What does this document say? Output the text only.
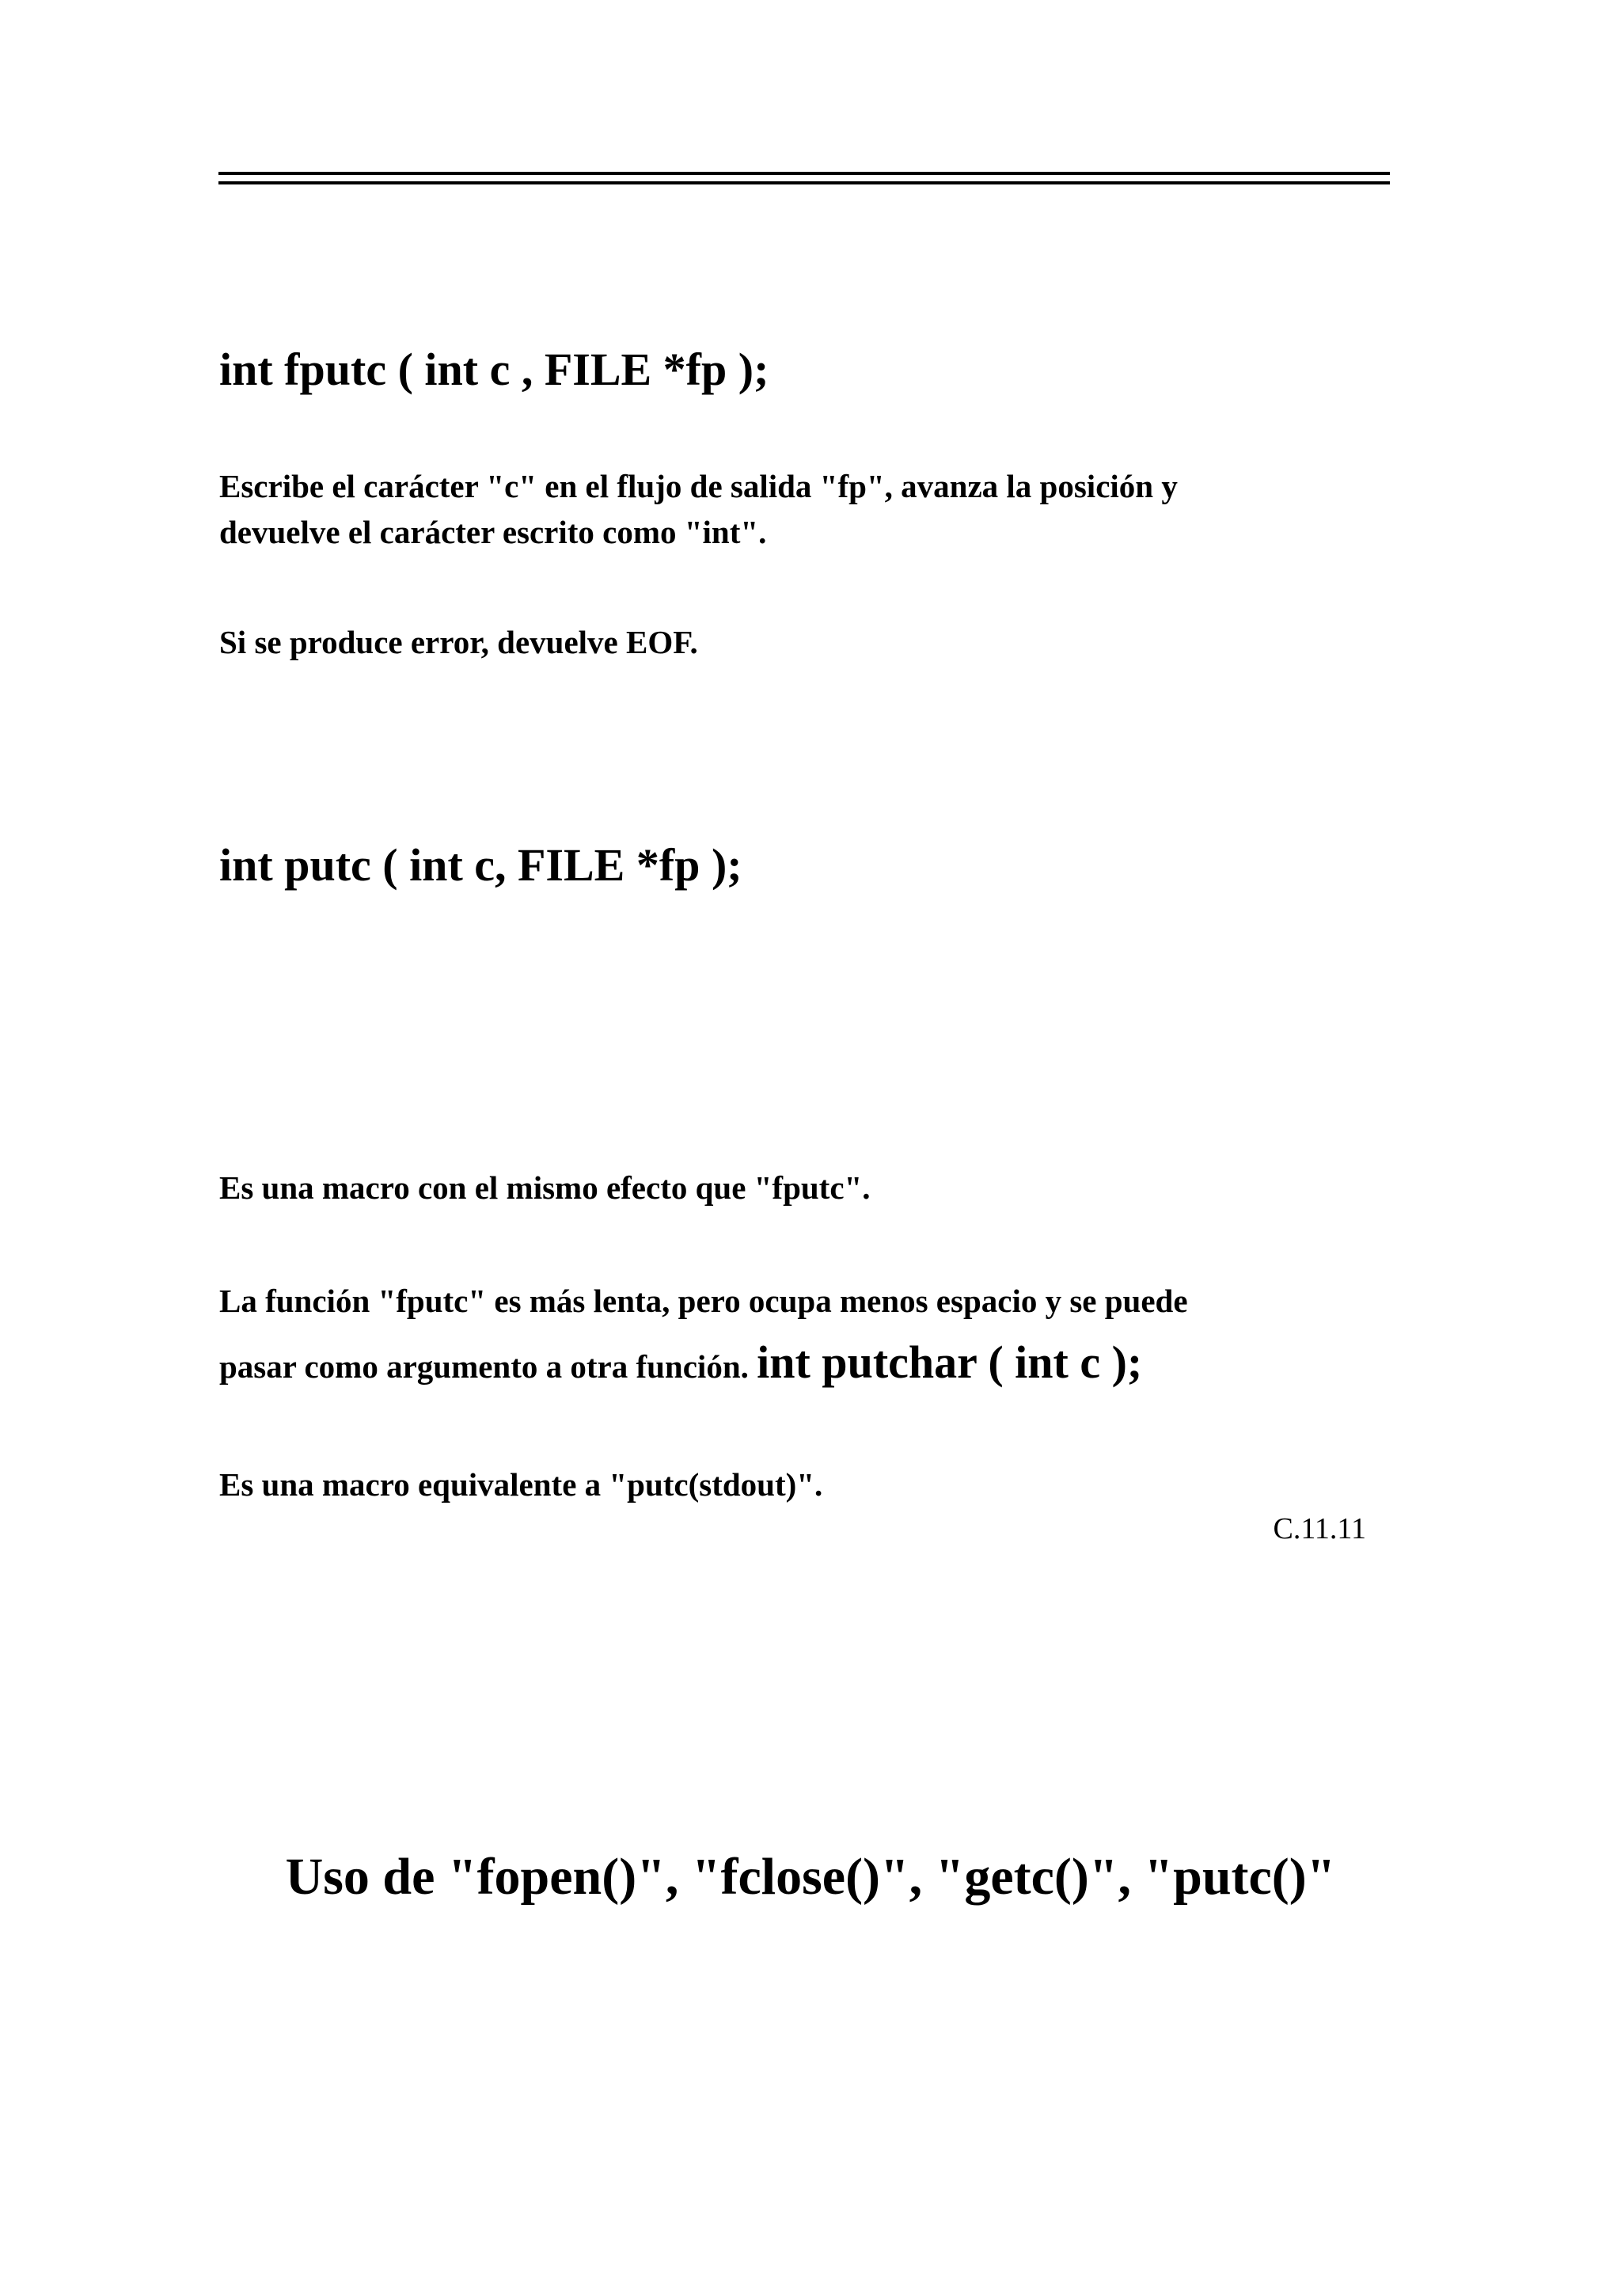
int fputc ( int c , FILE *fp );
Escribe el carácter "c" en el flujo de salida "fp", avanza la posición y
devuelve el carácter escrito como "int".
Si se produce error, devuelve EOF.
int putc ( int c, FILE *fp );
Es una macro con el mismo efecto que "fputc".
La función "fputc" es más lenta, pero ocupa menos espacio y se puede
pasar como argumento a otra función. int putchar ( int c );
Es una macro equivalente a "putc(stdout)".
C.11.11
Uso de "fopen()", "fclose()", "getc()", "putc()"
